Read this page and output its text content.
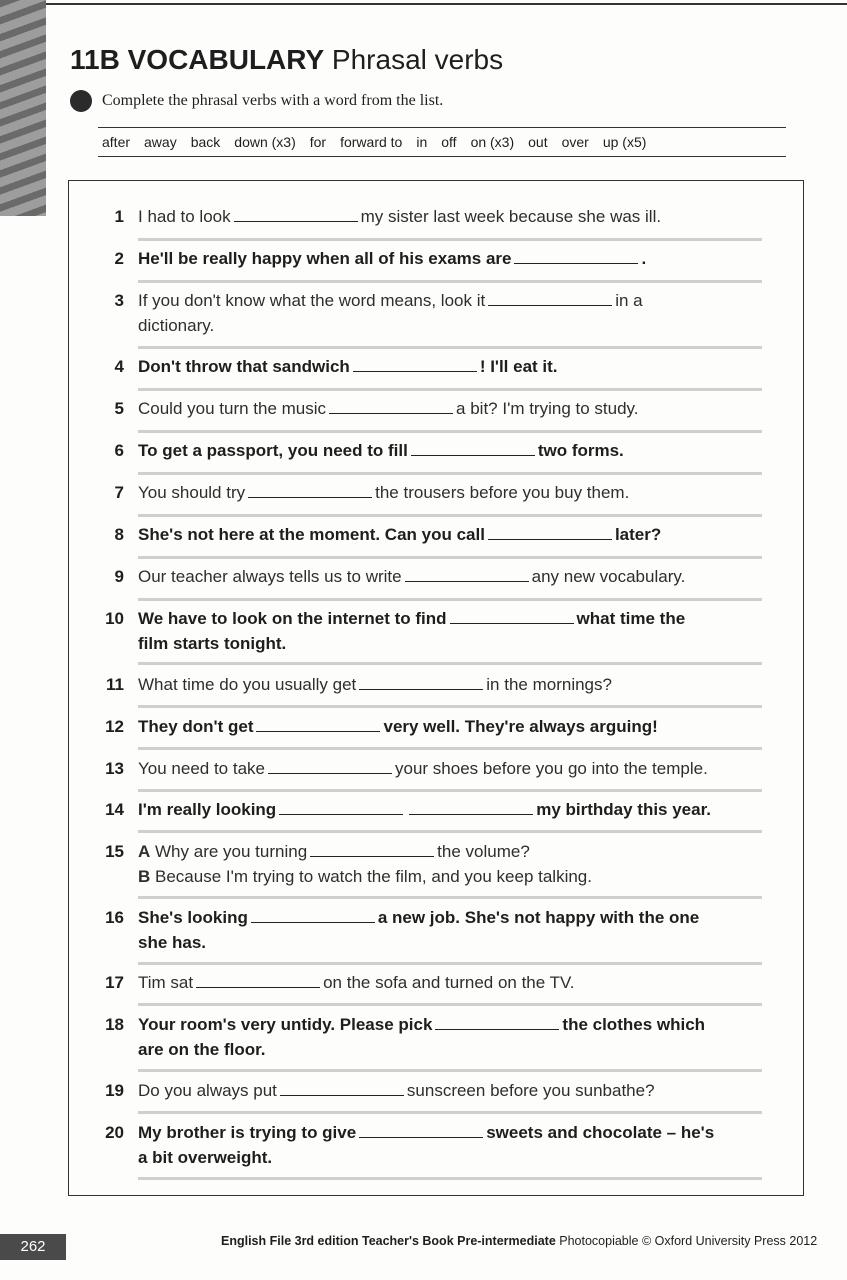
11B VOCABULARY Phrasal verbs
Complete the phrasal verbs with a word from the list.
after away back down (x3) for forward to in off on (x3) out over up (x5)
1 I had to look	my sister last week because she was ill.
2 He'll be really happy when all of his exams are	.
3 If you don't know what the word means, look it	in a
dictionary.
4 Don't throw that sandwich	! I'll eat it.
5 Could you turn the music	a bit? I'm trying to study.
6 To get a passport, you need to fill	two forms.
7 You should try	the trousers before you buy them.
8 She's not here at the moment. Can you call	later?
9 Our teacher always tells us to write	any new vocabulary.
10 We have to look on the internet to find	what time the
film starts tonight.
11 What time do you usually get	in the mornings?
12 They don't get	very well. They're always arguing!
13 You need to take	your shoes before you go into the temple.
14 I'm really looking	my birthday this year.
15 A Why are you turning	the volume?
B Because I'm trying to watch the film, and you keep talking.
16 She's looking	a new job. She's not happy with the one
she has.
17 Tim sat	on the sofa and turned on the TV.
18 Your room's very untidy. Please pick	the clothes which
are on the floor.
19 Do you always put	sunscreen before you sunbathe?
20 My brother is trying to give	sweets and chocolate – he's
a bit overweight.
262	English File 3rd edition Teacher's Book Pre-intermediate Photocopiable © Oxford University Press 2012
